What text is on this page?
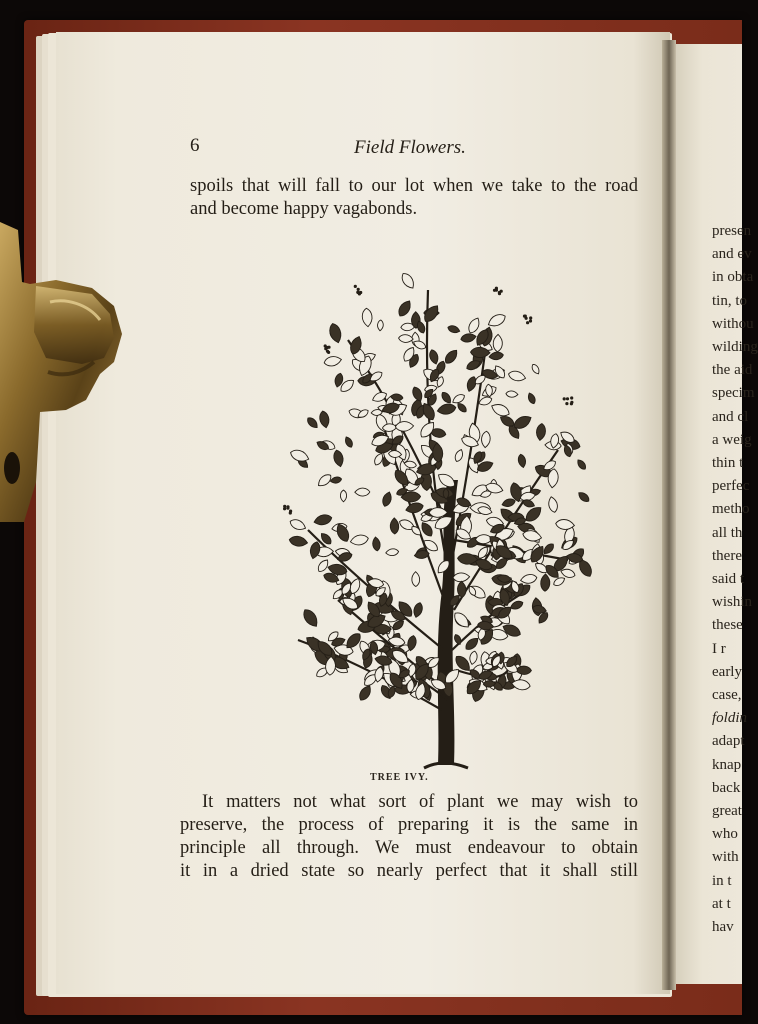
6	Field Flowers.

spoils that will fall to our lot when we take to the road
and become happy vagabonds.

TREE IVY.

It matters not what sort of plant we may wish to
preserve, the process of preparing it is the same in
principle all through. We must endeavour to obtain
it in a dried state so nearly perfect that it shall still

presen
and ev
in obta
tin, to
withou
wilding
the aid
specim
and cl
a weig
thin t
perfec
metho
all th
there
said t
wishin
these
I r
early
case,
foldin
adapt
knap
back
great
who
with
in t
at t
hav
